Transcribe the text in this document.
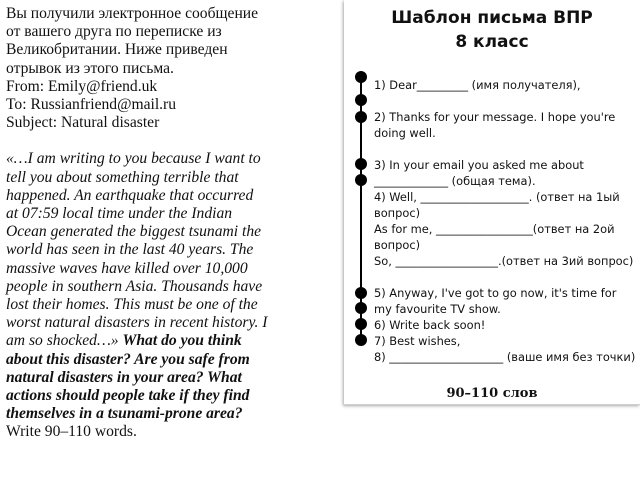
Вы получили электронное сообщение

от вашего друга по переписке из

Великобритании. Ниже приведен

отрывок из этого письма.

From: Emily@friend.uk

To: Russianfriend@mail.ru

Subject: Natural disaster

«…I am writing to you because I want to

tell you about something terrible that

happened. An earthquake that occurred

at 07:59 local time under the Indian

Ocean generated the biggest tsunami the

world has seen in the last 40 years. The

massive waves have killed over 10,000

people in southern Asia. Thousands have

lost their homes. This must be one of the

worst natural disasters in recent history. I

am so shocked…» What do you think

about this disaster? Are you safe from

natural disasters in your area? What

actions should people take if they find

themselves in a tsunami-prone area?

Write 90–110 words.

Шаблон письма ВПР
8 класс

1) Dear_________ (имя получателя),

2) Thanks for your message. I hope you're

doing well.

3) In your email you asked me about

_____________ (общая тема).

4) Well, ___________________. (ответ на 1ый

вопрос)

As for me, _________________(ответ на 2ой

вопрос)

So, __________________.(ответ на 3ий вопрос)

5) Anyway, I've got to go now, it's time for

my favourite TV show.

6) Write back soon!

7) Best wishes,

8) ____________________ (ваше имя без точки)

90–110 слов
